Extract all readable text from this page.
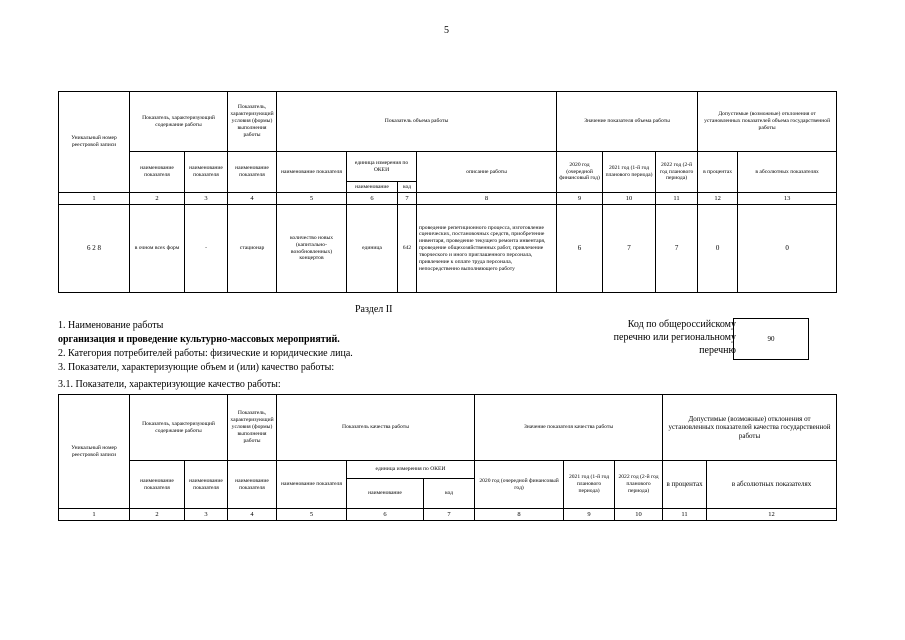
5
Уникальный номер реестровой записи	Показатель, характеризующий содержание работы		Показатель, характеризующий условия (формы) выполнения работы	Показатель объема работы				Значение показателя объема работы			Допустимые (возможные) отклонения от установленных показателей объема государственной работы	
	наименование показателя	наименование показателя	наименование показателя	наименование показателя	единица измерения по ОКЕИ		описание работы	2020 год (очередной финансовый год)	2021 год (1-й год планового периода)	2022 год (2-й год планового периода)	в процентах	в абсолютных показателях
					наименование	код						
1	2	3	4	5	6	7	8	9	10	11	12	13
6 2 8	в очном всех форм	-	стационар	количество новых (капитально-возобновленных) концертов	единица	642	проведение репетиционного процесса, изготовление сценических, постановочных средств, приобретение инвентаря, проведение текущего ремонта инвентаря, проведение общехозяйственных работ, привлечение творческого и иного приглашенного персонала, привлечение к оплате труда персонала, непосредственно выполняющего работу	6	7	7	0	0
Раздел II
1. Наименование работы
организация и проведение культурно-массовых мероприятий.
2. Категория потребителей работы: физические и юридические лица.
3. Показатели, характеризующие объем и (или) качество работы:
3.1. Показатели, характеризующие качество работы:
Код по общероссийскому перечню или региональному перечню
90
Уникальный номер реестровой записи	Показатель, характеризующий содержание работы		Показатель, характеризующий условия (формы) выполнения работы	Показатель качества работы			Значение показателя качества работы			Допустимые (возможные) отклонения от установленных показателей качества государственной работы	
	наименование показателя	наименование показателя	наименование показателя	наименование показателя	единица измерения по ОКЕИ		2020 год (очередной финансовый год)	2021 год (1-й год планового периода)	2022 год (2-й год планового периода)	в процентах	в абсолютных показателях
					наименование	код					
1	2	3	4	5	6	7	8	9	10	11	12
